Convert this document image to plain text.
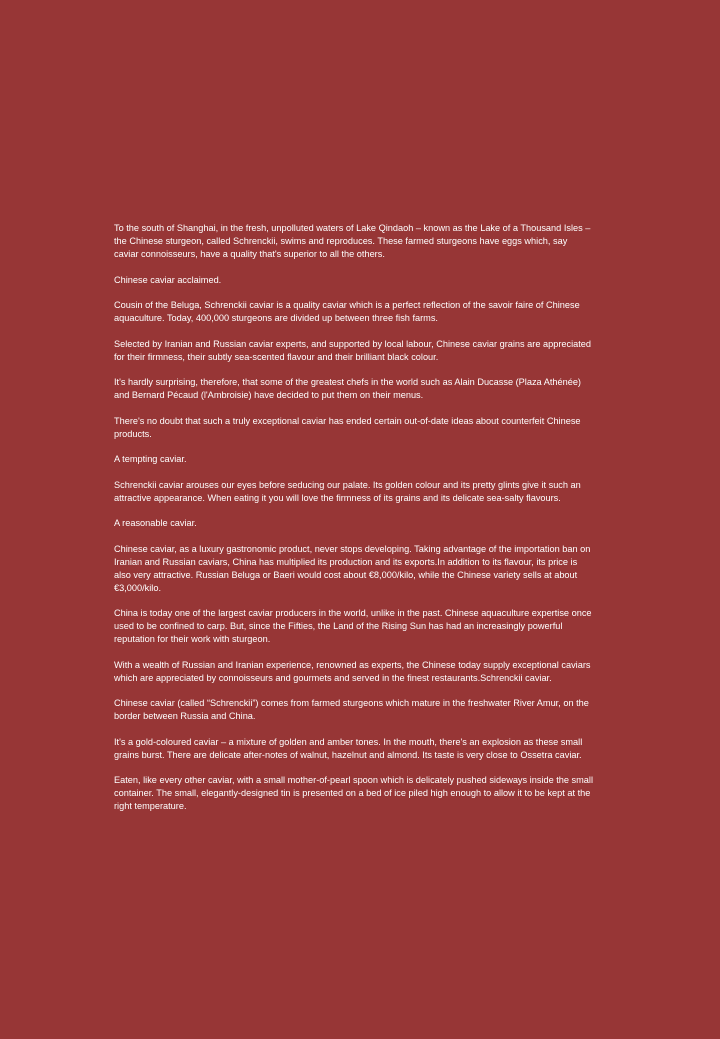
To the south of Shanghai, in the fresh, unpolluted waters of Lake Qindaoh – known as the Lake of a Thousand Isles – the Chinese sturgeon, called Schrenckii, swims and reproduces. These farmed sturgeons have eggs which, say caviar connoisseurs, have a quality that's superior to all the others.

Chinese caviar acclaimed.

Cousin of the Beluga, Schrenckii caviar is a quality caviar which is a perfect reflection of the savoir faire of Chinese aquaculture. Today, 400,000 sturgeons are divided up between three fish farms.

Selected by Iranian and Russian caviar experts, and supported by local labour, Chinese caviar grains are appreciated for their firmness, their subtly sea-scented flavour and their brilliant black colour.

It's hardly surprising, therefore, that some of the greatest chefs in the world such as Alain Ducasse (Plaza Athénée) and Bernard Pécaud (l'Ambroisie) have decided to put them on their menus.

There's no doubt that such a truly exceptional caviar has ended certain out-of-date ideas about counterfeit Chinese products.

A tempting caviar.

Schrenckii caviar arouses our eyes before seducing our palate. Its golden colour and its pretty glints give it such an attractive appearance. When eating it you will love the firmness of its grains and its delicate sea-salty flavours.

A reasonable caviar.

Chinese caviar, as a luxury gastronomic product, never stops developing. Taking advantage of the importation ban on Iranian and Russian caviars, China has multiplied its production and its exports.In addition to its flavour, its price is also very attractive. Russian Beluga or Baeri would cost about €8,000/kilo, while the Chinese variety sells at about €3,000/kilo.

China is today one of the largest caviar producers in the world, unlike in the past. Chinese aquaculture expertise once used to be confined to carp. But, since the Fifties, the Land of the Rising Sun has had an increasingly powerful reputation for their work with sturgeon.

With a wealth of Russian and Iranian experience, renowned as experts, the Chinese today supply exceptional caviars which are appreciated by connoisseurs and gourmets and served in the finest restaurants.Schrenckii caviar.

Chinese caviar (called “Schrenckii”) comes from farmed sturgeons which mature in the freshwater River Amur, on the border between Russia and China.

It's a gold-coloured caviar – a mixture of golden and amber tones. In the mouth, there's an explosion as these small grains burst. There are delicate after-notes of walnut, hazelnut and almond. Its taste is very close to Ossetra caviar.

Eaten, like every other caviar, with a small mother-of-pearl spoon which is delicately pushed sideways inside the small container. The small, elegantly-designed tin is presented on a bed of ice piled high enough to allow it to be kept at the right temperature.
